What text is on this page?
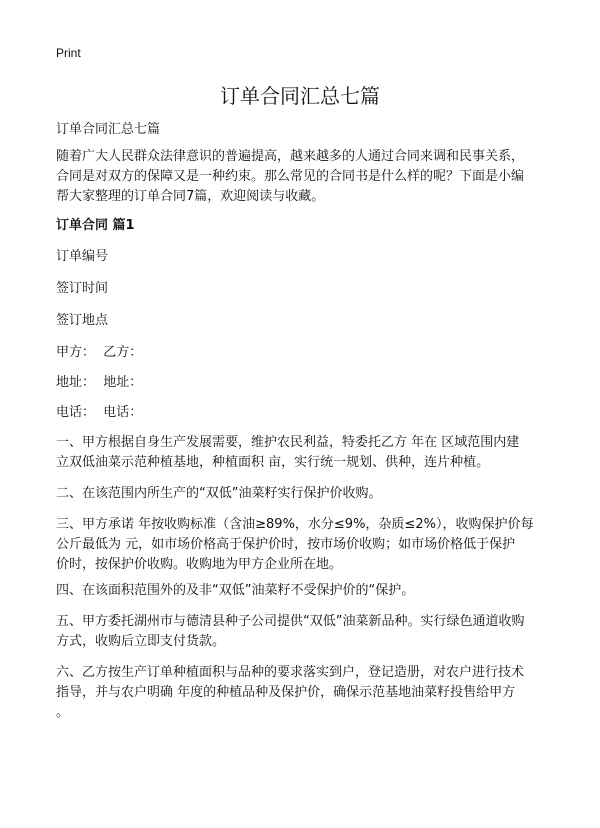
Print
订单合同汇总七篇
订单合同汇总七篇
随着广大人民群众法律意识的普遍提高，越来越多的人通过合同来调和民事关系，
合同是对双方的保障又是一种约束。那么常见的合同书是什么样的呢？下面是小编
帮大家整理的订单合同7篇，欢迎阅读与收藏。
订单合同 篇1
订单编号
签订时间
签订地点
甲方：  乙方：
地址：  地址：
电话：  电话：
一、甲方根据自身生产发展需要，维护农民利益，特委托乙方 年在 区域范围内建
立双低油菜示范种植基地，种植面积 亩，实行统一规划、供种，连片种植。
二、在该范围内所生产的“双低”油菜籽实行保护价收购。
三、甲方承诺 年按收购标准（含油≥89%，水分≤9%，杂质≤2%），收购保护价每
公斤最低为 元，如市场价格高于保护价时，按市场价收购；如市场价格低于保护
价时，按保护价收购。收购地为甲方企业所在地。
四、在该面积范围外的及非“双低”油菜籽不受保护价的“保护。
五、甲方委托湖州市与德清县种子公司提供“双低”油菜新品种。实行绿色通道收购
方式，收购后立即支付货款。
六、乙方按生产订单种植面积与品种的要求落实到户，登记造册，对农户进行技术
指导，并与农户明确 年度的种植品种及保护价，确保示范基地油菜籽投售给甲方
。
